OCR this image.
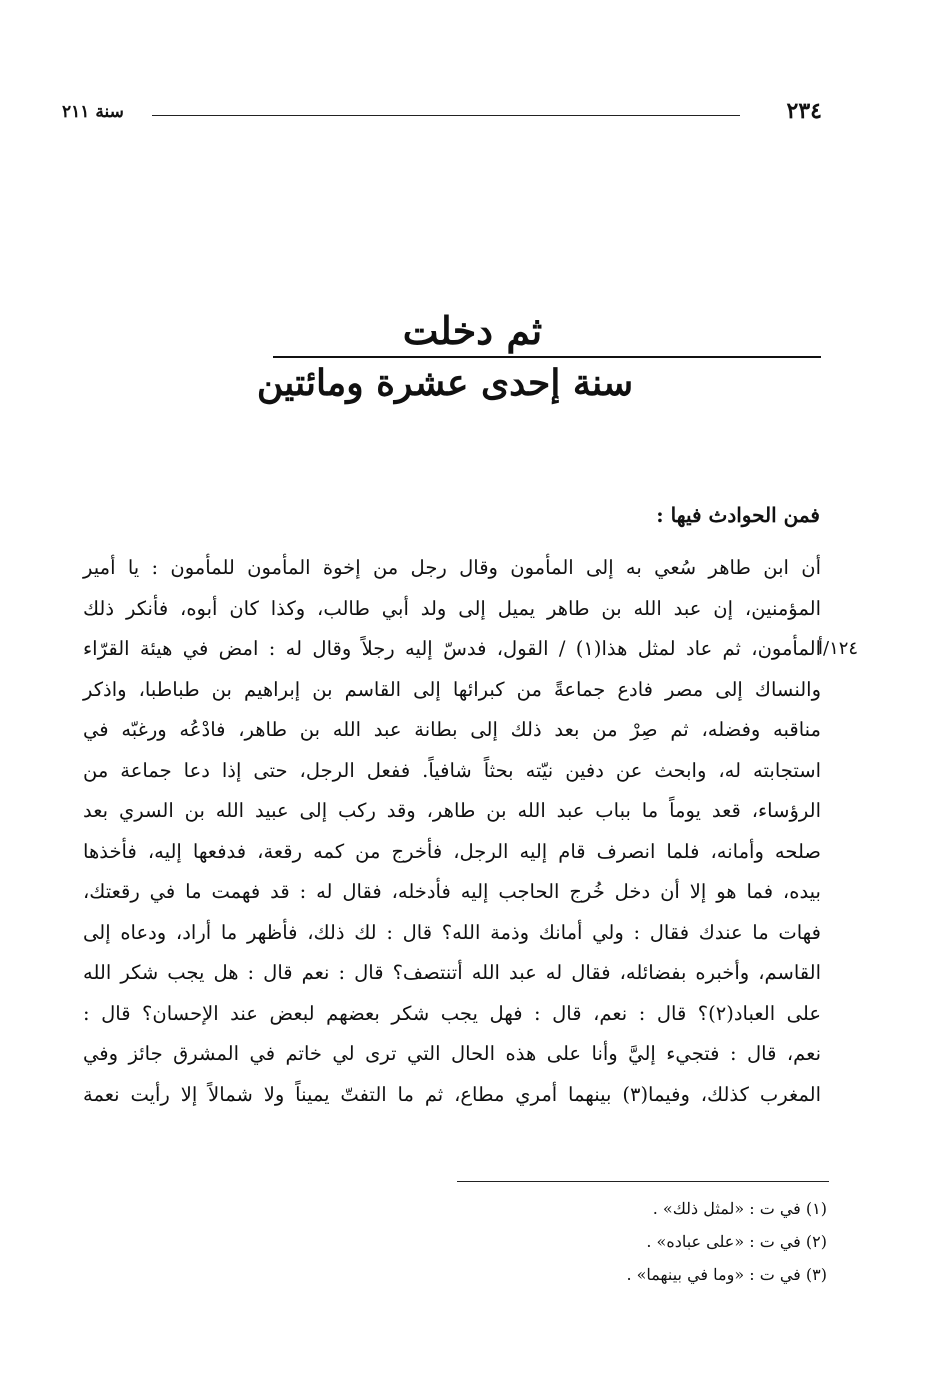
٢٣٤
سنة ٢١١
ثم دخلت
سنة إحدى عشرة ومائتين
فمن الحوادث فيها :
١٢٤/أ
أن ابن طاهر سُعي به إلى المأمون وقال رجل من إخوة المأمون للمأمون : يا أمير
المؤمنين، إن عبد الله بن طاهر يميل إلى ولد أبي طالب، وكذا كان أبوه، فأنكر ذلك
المأمون، ثم عاد لمثل هذا(١) / القول، فدسّ إليه رجلاً وقال له : امض في هيئة القرّاء
والنساك إلى مصر فادع جماعةً من كبرائها إلى القاسم بن إبراهيم بن طباطبا، واذكر
مناقبه وفضله، ثم صِرْ من بعد ذلك إلى بطانة عبد الله بن طاهر، فادْعُه ورغبّه في
استجابته له، وابحث عن دفين نيّته بحثاً شافياً. ففعل الرجل، حتى إذا دعا جماعة من
الرؤساء، قعد يوماً ما بباب عبد الله بن طاهر، وقد ركب إلى عبيد الله بن السري بعد
صلحه وأمانه، فلما انصرف قام إليه الرجل، فأخرج من كمه رقعة، فدفعها إليه، فأخذها
بيده، فما هو إلا أن دخل خُرج الحاجب إليه فأدخله، فقال له : قد فهمت ما في رقعتك،
فهات ما عندك فقال : ولي أمانك وذمة الله؟ قال : لك ذلك، فأظهر ما أراد، ودعاه إلى
القاسم، وأخبره بفضائله، فقال له عبد الله أتنتصف؟ قال : نعم قال : هل يجب شكر الله
على العباد(٢)؟ قال : نعم، قال : فهل يجب شكر بعضهم لبعض عند الإحسان؟ قال :
نعم، قال : فتجيء إليَّ وأنا على هذه الحال التي ترى لي خاتم في المشرق جائز وفي
المغرب كذلك، وفيما(٣) بينهما أمري مطاع، ثم ما التفتّ يميناً ولا شمالاً إلا رأيت نعمة
(١) في ت : «لمثل ذلك» .
(٢) في ت : «على عباده» .
(٣) في ت : «وما في بينهما» .
